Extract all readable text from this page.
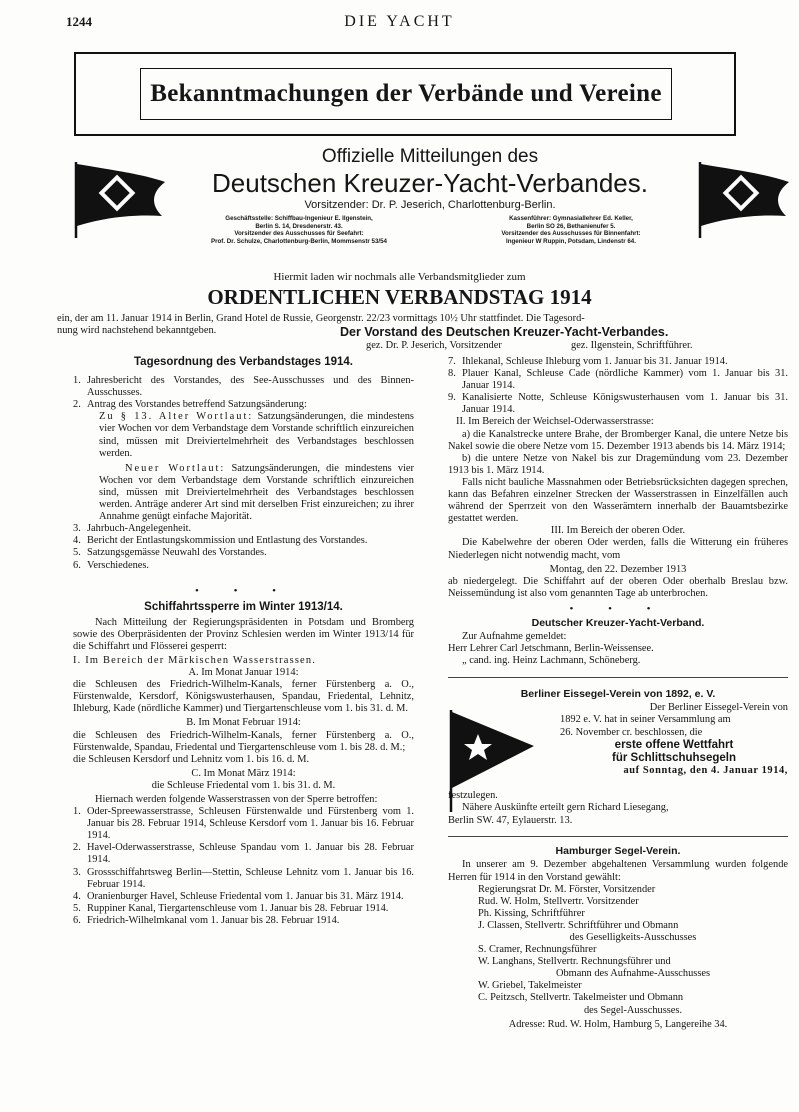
1244	DIE YACHT
Bekanntmachungen der Verbände und Vereine
Offizielle Mitteilungen des
Deutschen Kreuzer-Yacht-Verbandes.
Vorsitzender: Dr. P. Jeserich, Charlottenburg-Berlin.
Geschäftsstelle: Schiffbau-Ingenieur E. Ilgenstein,
Berlin S. 14, Dresdenerstr. 43.
Vorsitzender des Ausschusses für Seefahrt:
Prof. Dr. Schulze, Charlottenburg-Berlin, Mommsenstr 53/54
Kassenführer: Gymnasiallehrer Ed. Keller,
Berlin SO 26, Bethanienufer 5.
Vorsitzender des Ausschusses für Binnenfahrt:
Ingenieur W Ruppin, Potsdam, Lindenstr 64.
Hiermit laden wir nochmals alle Verbandsmitglieder zum
ORDENTLICHEN VERBANDSTAG 1914
ein, der am 11. Januar 1914 in Berlin, Grand Hotel de Russie, Georgenstr. 22/23 vormittags 10½ Uhr stattfindet. Die Tagesord-
nung wird nachstehend bekanntgeben.	Der Vorstand des Deutschen Kreuzer-Yacht-Verbandes.
gez. Dr. P. Jeserich, Vorsitzender	gez. Ilgenstein, Schriftführer.
Tagesordnung des Verbandstages 1914.
1. Jahresbericht des Vorstandes, des See-Ausschusses und des Binnen-Ausschusses.
2. Antrag des Vorstandes betreffend Satzungsänderung:

Zu § 13. Alter Wortlaut: Satzungsänderungen, die mindestens vier Wochen vor dem Verbandstage dem Vorstande schriftlich einzureichen sind, müssen mit Dreiviertelmehrheit des Verbandstages beschlossen werden.

Neuer Wortlaut: Satzungsänderungen, die mindestens vier Wochen vor dem Verbandstage dem Vorstande schriftlich einzureichen sind, müssen mit Dreiviertelmehrheit des Verbandstages beschlossen werden. Anträge anderer Art sind mit derselben Frist einzureichen; zu ihrer Annahme genügt einfache Majorität.

3. Jahrbuch-Angelegenheit.
4. Bericht der Entlastungskommission und Entlastung des Vorstandes.
5. Satzungsgemässe Neuwahl des Vorstandes.
6. Verschiedenes.
• • •
Schiffahrtssperre im Winter 1913/14.

Nach Mitteilung der Regierungspräsidenten in Potsdam und Bromberg sowie des Oberpräsidenten der Provinz Schlesien werden im Winter 1913/14 für die Schiffahrt und Flösserei gesperrt:

I. Im Bereich der Märkischen Wasserstrassen.

A. Im Monat Januar 1914:

die Schleusen des Friedrich-Wilhelm-Kanals, ferner Fürstenberg a. O., Fürstenwalde, Kersdorf, Königswusterhausen, Spandau, Friedental, Lehnitz, Ihleburg, Kade (nördliche Kammer) und Tiergartenschleuse vom 1. bis 31. d. M.

B. Im Monat Februar 1914:

die Schleusen des Friedrich-Wilhelm-Kanals, ferner Fürstenberg a. O., Fürstenwalde, Spandau, Friedental und Tiergartenschleuse vom 1. bis 28. d. M.;

die Schleusen Kersdorf und Lehnitz vom 1. bis 16. d. M.

C. Im Monat März 1914:

die Schleuse Friedental vom 1. bis 31. d. M.

Hiernach werden folgende Wasserstrassen von der Sperre betroffen:

1. Oder-Spreewasserstrasse, Schleusen Fürstenwalde und Fürstenberg vom 1. Januar bis 28. Februar 1914, Schleuse Kersdorf vom 1. Januar bis 16. Februar 1914.
2. Havel-Oderwasserstrasse, Schleuse Spandau vom 1. Januar bis 28. Februar 1914.
3. Grossschiffahrtsweg Berlin—Stettin, Schleuse Lehnitz vom 1. Januar bis 16. Februar 1914.
4. Oranienburger Havel, Schleuse Friedental vom 1. Januar bis 31. März 1914.
5. Ruppiner Kanal, Tiergartenschleuse vom 1. Januar bis 28. Februar 1914.
6. Friedrich-Wilhelmkanal vom 1. Januar bis 28. Februar 1914.
7. Ihlekanal, Schleuse Ihleburg vom 1. Januar bis 31. Januar 1914.
8. Plauer Kanal, Schleuse Cade (nördliche Kammer) vom 1. Januar bis 31. Januar 1914.
9. Kanalisierte Notte, Schleuse Königswusterhausen vom 1. Januar bis 31. Januar 1914.

II. Im Bereich der Weichsel-Oderwasserstrasse:

a) die Kanalstrecke untere Brahe, der Bromberger Kanal, die untere Netze bis Nakel sowie die obere Netze vom 15. Dezember 1913 abends bis 14. März 1914;

b) die untere Netze von Nakel bis zur Dragemündung vom 23. Dezember 1913 bis 1. März 1914.

Falls nicht bauliche Massnahmen oder Betriebsrücksichten dagegen sprechen, kann das Befahren einzelner Strecken der Wasserstrassen in Einzelfällen auch während der Sperrzeit von den Wasserämtern innerhalb der Bauamtsbezirke gestattet werden.

III. Im Bereich der oberen Oder.

Die Kabelwehre der oberen Oder werden, falls die Witterung ein früheres Niederlegen nicht notwendig macht, vom

Montag, den 22. Dezember 1913

ab niedergelegt. Die Schiffahrt auf der oberen Oder oberhalb Breslau bzw. Neissemündung ist also vom genannten Tage ab unterbrochen.

• • •
Deutscher Kreuzer-Yacht-Verband.

Zur Aufnahme gemeldet:

Herr Lehrer Carl Jetschmann, Berlin-Weissensee.

„ cand. ing. Heinz Lachmann, Schöneberg.

Berliner Eissegel-Verein von 1892, e. V.

Der Berliner Eissegel-Verein von

1892 e. V. hat in seiner Versammlung am

26. November cr. beschlossen, die

erste offene Wettfahrt

für Schlittschuhsegeln

auf Sonntag, den 4. Januar 1914,

festzulegen.

Nähere Auskünfte erteilt gern Richard Liesegang,

Berlin SW. 47, Eylauerstr. 13.

Hamburger Segel-Verein.

In unserer am 9. Dezember abgehaltenen Versammlung wurden folgende Herren für 1914 in den Vorstand gewählt:

Regierungsrat Dr. M. Förster, Vorsitzender

Rud. W. Holm, Stellvertr. Vorsitzender

Ph. Kissing, Schriftführer

J. Classen, Stellvertr. Schriftführer und Obmann

des Geselligkeits-Ausschusses

S. Cramer, Rechnungsführer

W. Langhans, Stellvertr. Rechnungsführer und

Obmann des Aufnahme-Ausschusses

W. Griebel, Takelmeister

C. Peitzsch, Stellvertr. Takelmeister und Obmann

des Segel-Ausschusses.

Adresse: Rud. W. Holm, Hamburg 5, Langereihe 34.
